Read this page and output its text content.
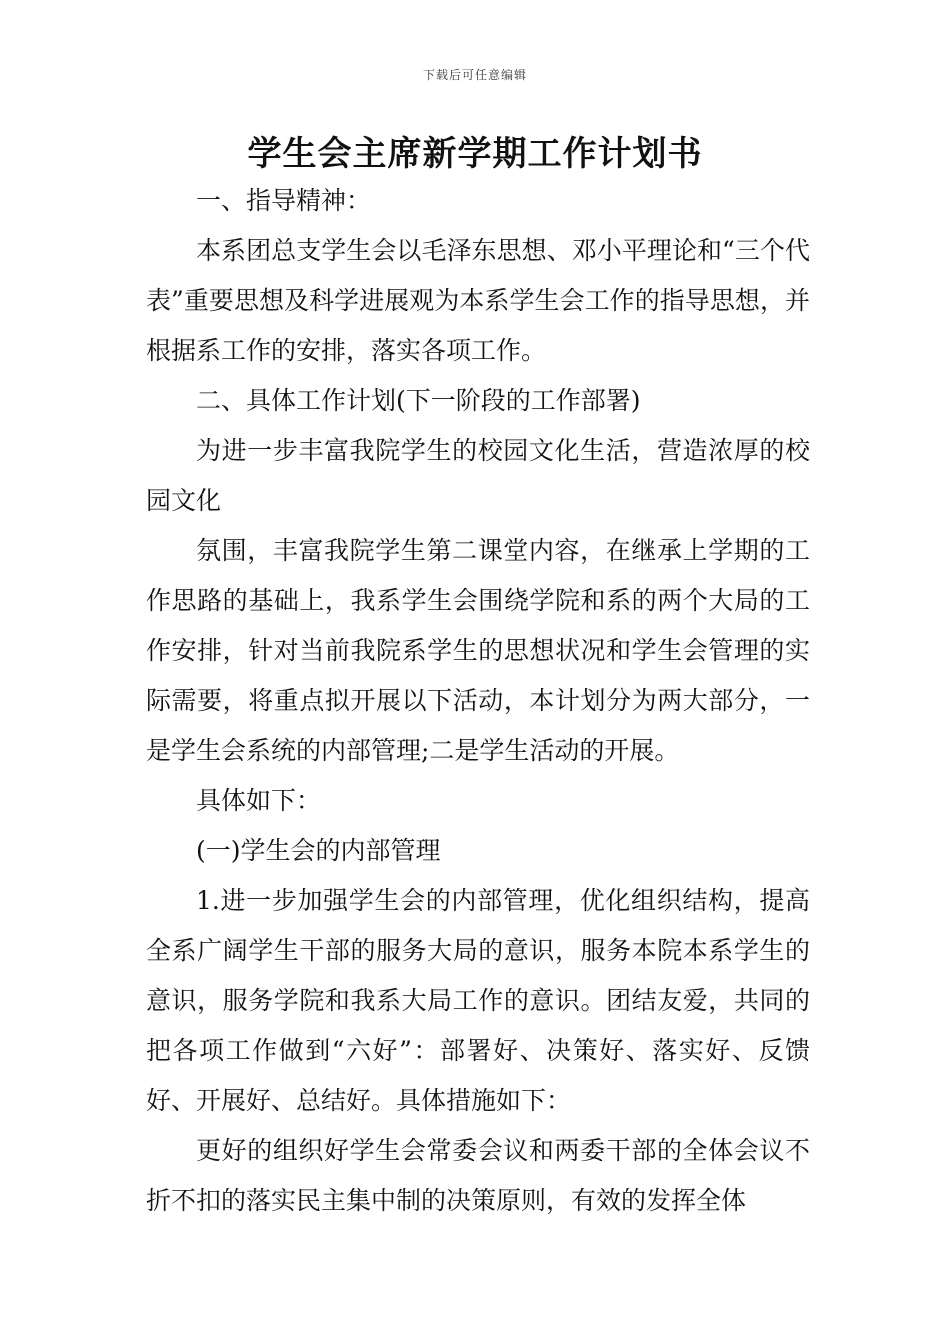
下载后可任意编辑
学生会主席新学期工作计划书

一、指导精神：

本系团总支学生会以毛泽东思想、邓小平理论和“三个代表”重要思想及科学进展观为本系学生会工作的指导思想，并根据系工作的安排，落实各项工作。

二、具体工作计划(下一阶段的工作部署)

为进一步丰富我院学生的校园文化生活，营造浓厚的校园文化

氛围，丰富我院学生第二课堂内容，在继承上学期的工作思路的基础上，我系学生会围绕学院和系的两个大局的工作安排，针对当前我院系学生的思想状况和学生会管理的实际需要，将重点拟开展以下活动，本计划分为两大部分，一是学生会系统的内部管理;二是学生活动的开展。

具体如下：

(一)学生会的内部管理

1.进一步加强学生会的内部管理，优化组织结构，提高全系广阔学生干部的服务大局的意识，服务本院本系学生的意识，服务学院和我系大局工作的意识。团结友爱，共同的把各项工作做到“六好”：部署好、决策好、落实好、反馈好、开展好、总结好。具体措施如下：

更好的组织好学生会常委会议和两委干部的全体会议不折不扣的落实民主集中制的决策原则，有效的发挥全体
